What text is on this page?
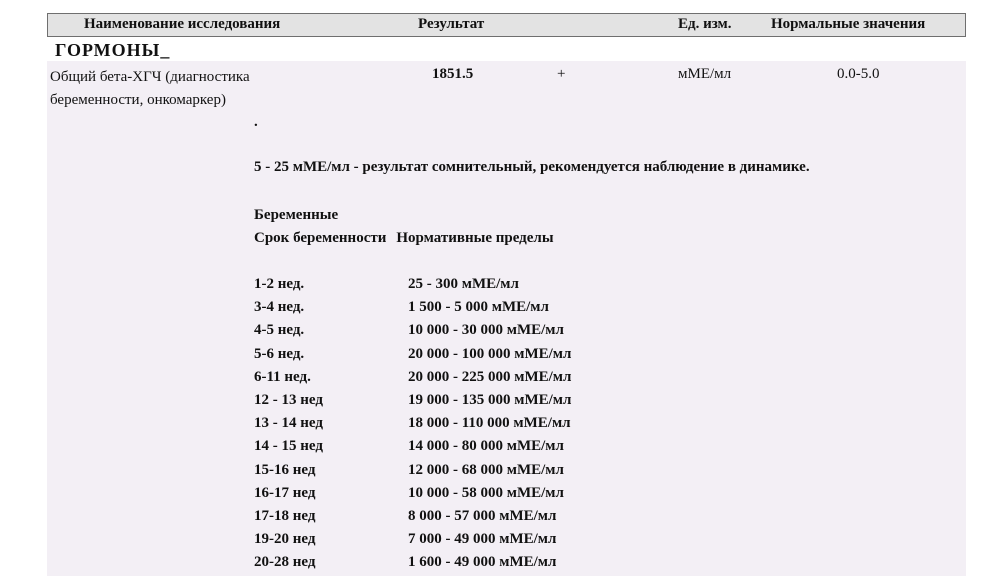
Наименование исследования	Результат	Ед. изм.	Нормальные значения
ГОРМОНЫ_
Общий бета-ХГЧ (диагностика
беременности, онкомаркер)
1851.5	+	мМЕ/мл	0.0-5.0
.
5 - 25 мМЕ/мл - результат сомнительный, рекомендуется наблюдение в динамике.
Беременные
Срок беременности Нормативные пределы
1-2 нед.	25 - 300 мМЕ/мл
3-4 нед.	1 500 - 5 000 мМЕ/мл
4-5 нед.	10 000 - 30 000 мМЕ/мл
5-6 нед.	20 000 - 100 000 мМЕ/мл
6-11 нед.	20 000 - 225 000 мМЕ/мл
12 - 13 нед	19 000 - 135 000 мМЕ/мл
13 - 14 нед	18 000 - 110 000 мМЕ/мл
14 - 15 нед	14 000 - 80 000 мМЕ/мл
15-16 нед	12 000 - 68 000 мМЕ/мл
16-17 нед	10 000 - 58 000 мМЕ/мл
17-18 нед	8 000 - 57 000 мМЕ/мл
19-20 нед	7 000 - 49 000 мМЕ/мл
20-28 нед	1 600 - 49 000 мМЕ/мл
